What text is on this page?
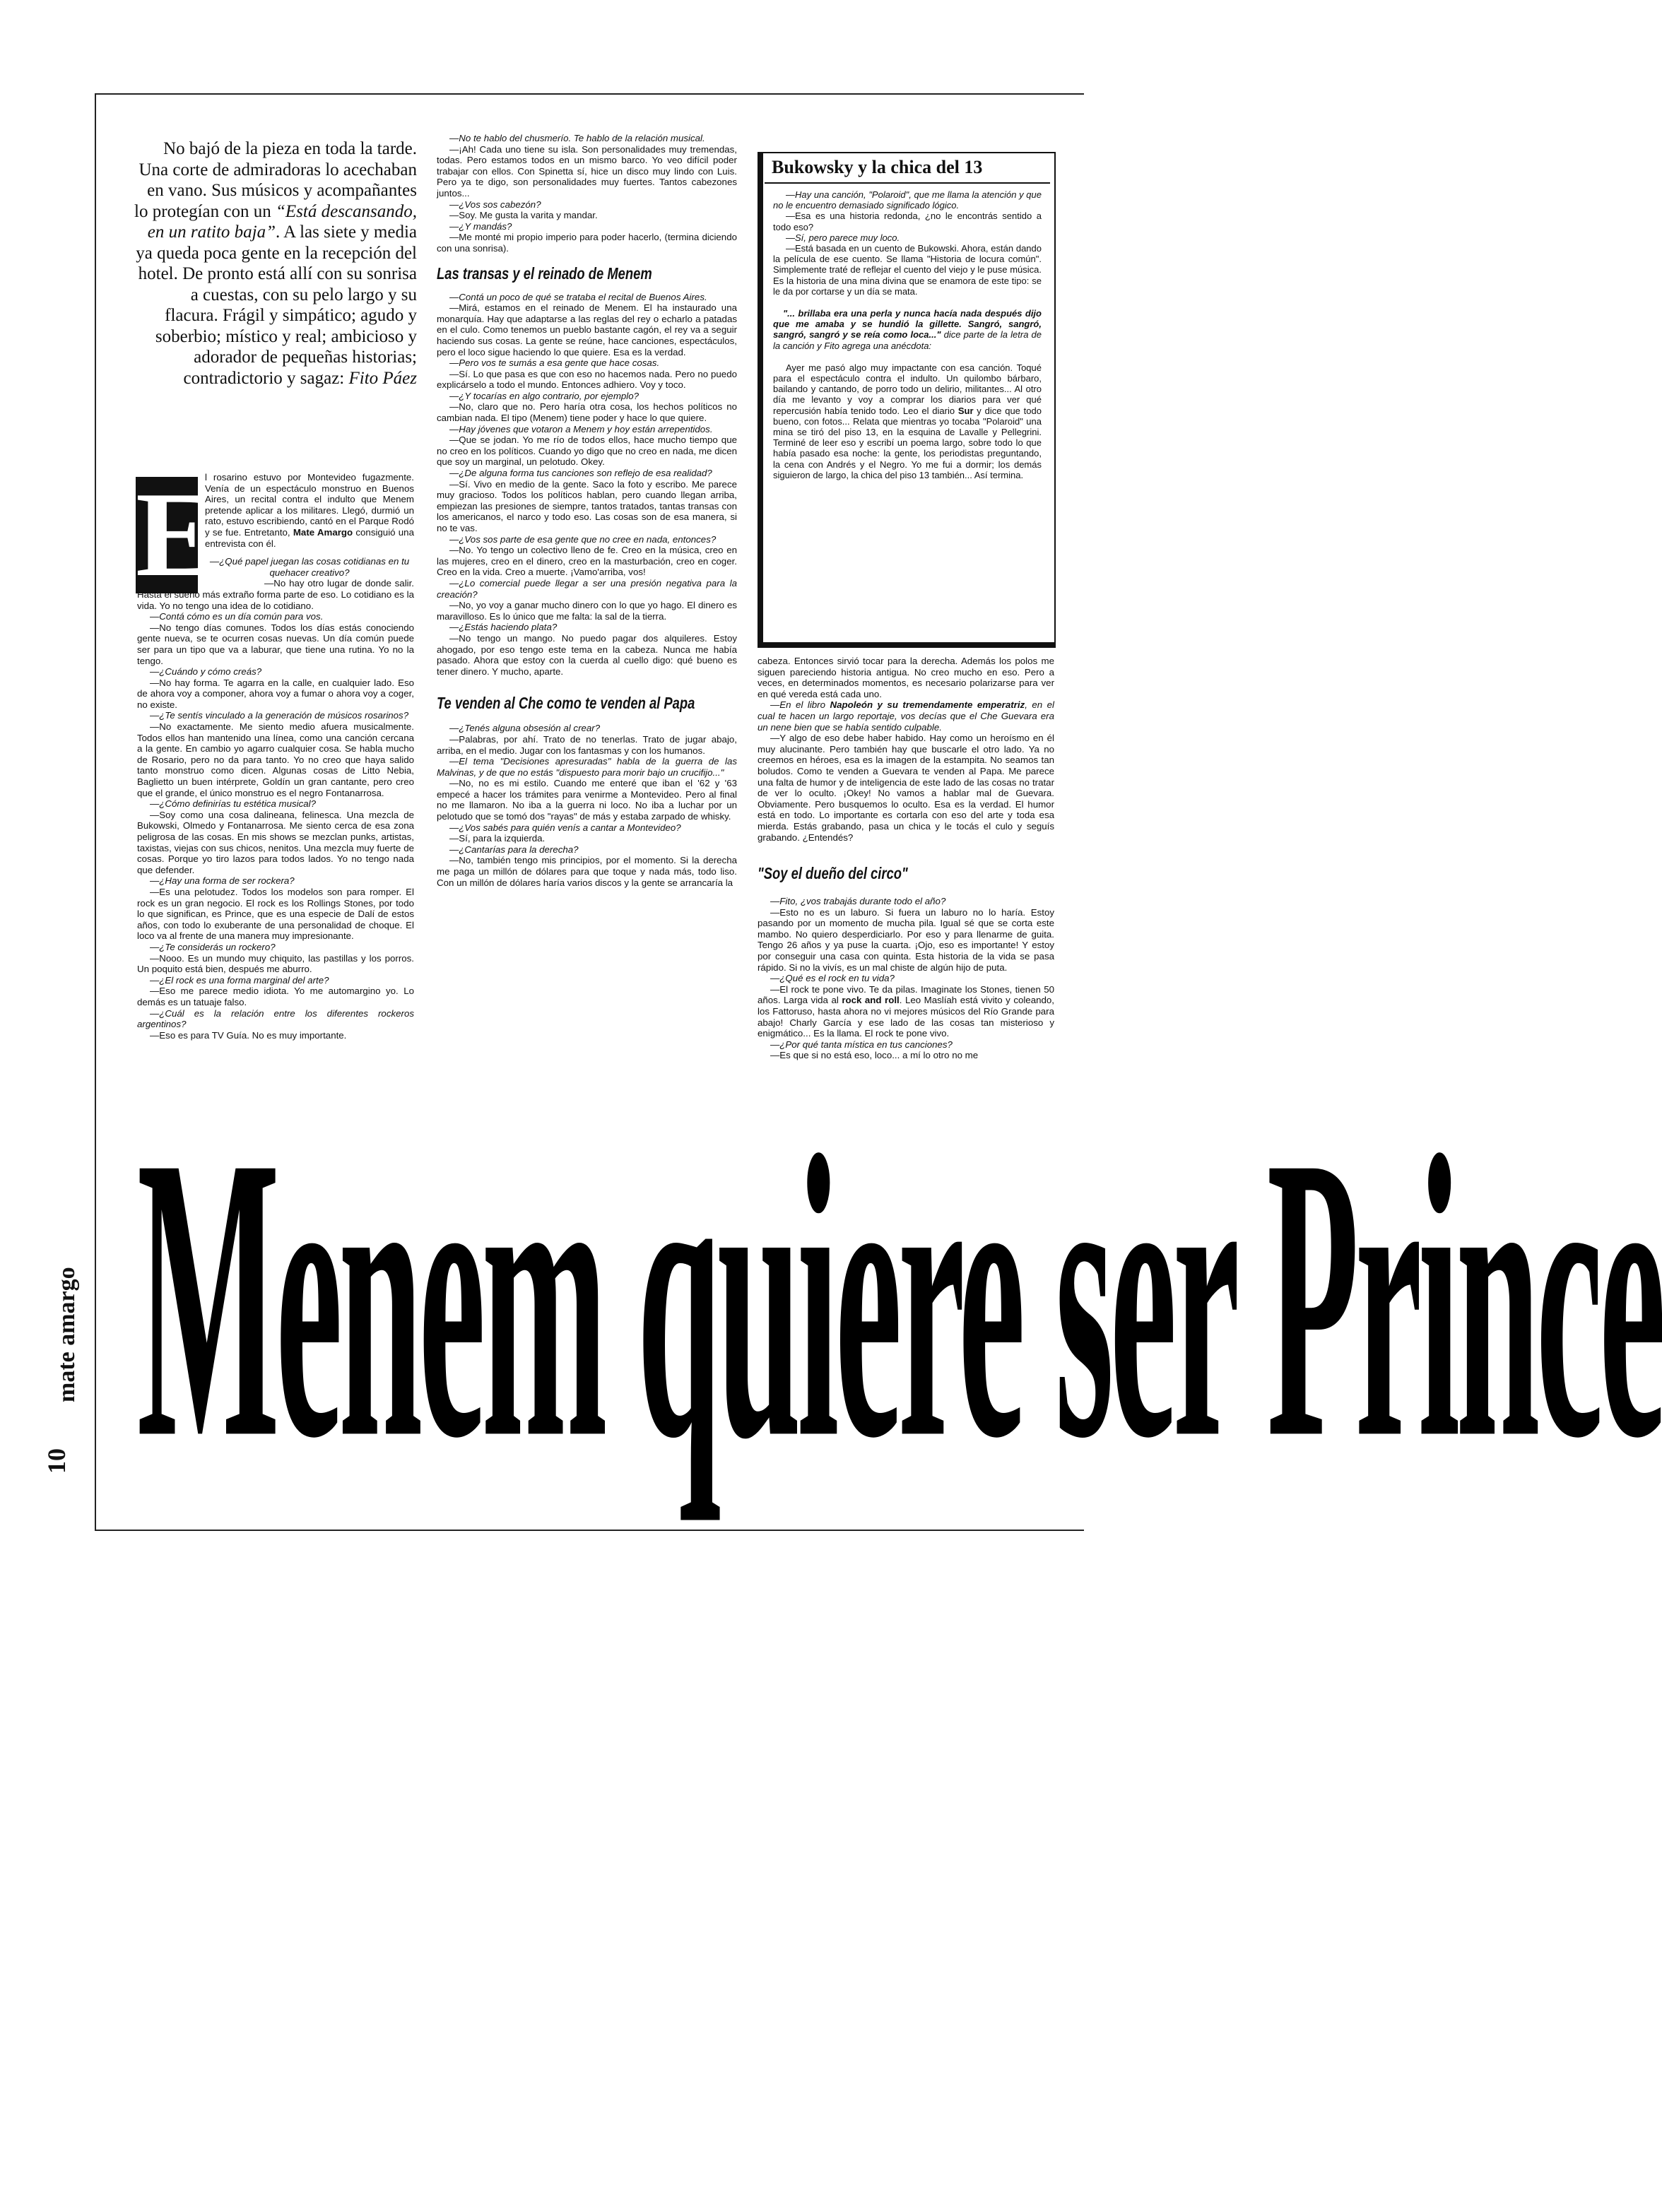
No bajó de la pieza en toda la tarde. Una corte de admiradoras lo acechaban en vano. Sus músicos y acompañantes lo protegían con un “Está descansando, en un ratito baja”. A las siete y media ya queda poca gente en la recepción del hotel. De pronto está allí con su sonrisa a cuestas, con su pelo largo y su flacura. Frágil y simpático; agudo y soberbio; místico y real; ambicioso y adorador de pequeñas historias; contradictorio y sagaz: Fito Páez
E

l rosarino estuvo por Montevideo fugazmente. Venía de un espectáculo monstruo en Buenos Aires, un recital contra el indulto que Menem pretende aplicar a los militares. Llegó, durmió un rato, estuvo escribiendo, cantó en el Parque Rodó y se fue. Entretanto, Mate Amargo consiguió una entrevista con él.

—¿Qué papel juegan las cosas cotidianas en tu quehacer creativo?

—No hay otro lugar de donde salir. Hasta el sueño más extraño forma parte de eso. Lo cotidiano es la vida. Yo no tengo una idea de lo cotidiano.

—Contá cómo es un día común para vos.

—No tengo días comunes. Todos los días estás conociendo gente nueva, se te ocurren cosas nuevas. Un día común puede ser para un tipo que va a laburar, que tiene una rutina. Yo no la tengo.

—¿Cuándo y cómo creás?

—No hay forma. Te agarra en la calle, en cualquier lado. Eso de ahora voy a componer, ahora voy a fumar o ahora voy a coger, no existe.

—¿Te sentís vinculado a la generación de músicos rosarinos?

—No exactamente. Me siento medio afuera musicalmente. Todos ellos han mantenido una línea, como una canción cercana a la gente. En cambio yo agarro cualquier cosa. Se habla mucho de Rosario, pero no da para tanto. Yo no creo que haya salido tanto monstruo como dicen. Algunas cosas de Litto Nebia, Baglietto un buen intérprete, Goldín un gran cantante, pero creo que el grande, el único monstruo es el negro Fontanarrosa.

—¿Cómo definirías tu estética musical?

—Soy como una cosa dalineana, felinesca. Una mezcla de Bukowski, Olmedo y Fontanarrosa. Me siento cerca de esa zona peligrosa de las cosas. En mis shows se mezclan punks, artistas, taxistas, viejas con sus chicos, nenitos. Una mezcla muy fuerte de cosas. Porque yo tiro lazos para todos lados. Yo no tengo nada que defender.

—¿Hay una forma de ser rockera?

—Es una pelotudez. Todos los modelos son para romper. El rock es un gran negocio. El rock es los Rollings Stones, por todo lo que significan, es Prince, que es una especie de Dalí de estos años, con todo lo exuberante de una personalidad de choque. El loco va al frente de una manera muy impresionante.

—¿Te considerás un rockero?

—Nooo. Es un mundo muy chiquito, las pastillas y los porros. Un poquito está bien, después me aburro.

—¿El rock es una forma marginal del arte?

—Eso me parece medio idiota. Yo me automargino yo. Lo demás es un tatuaje falso.

—¿Cuál es la relación entre los diferentes rockeros argentinos?

—Eso es para TV Guía. No es muy importante.

—No te hablo del chusmerío. Te hablo de la relación musical.

—¡Ah! Cada uno tiene su isla. Son personalidades muy tremendas, todas. Pero estamos todos en un mismo barco. Yo veo difícil poder trabajar con ellos. Con Spinetta sí, hice un disco muy lindo con Luis. Pero ya te digo, son personalidades muy fuertes. Tantos cabezones juntos...

—¿Vos sos cabezón?

—Soy. Me gusta la varita y mandar.

—¿Y mandás?

—Me monté mi propio imperio para poder hacerlo, (termina diciendo con una sonrisa).

Las transas y el reinado de Menem

—Contá un poco de qué se trataba el recital de Buenos Aires.

—Mirá, estamos en el reinado de Menem. El ha instaurado una monarquía. Hay que adaptarse a las reglas del rey o echarlo a patadas en el culo. Como tenemos un pueblo bastante cagón, el rey va a seguir haciendo sus cosas. La gente se reúne, hace canciones, espectáculos, pero el loco sigue haciendo lo que quiere. Esa es la verdad.

—Pero vos te sumás a esa gente que hace cosas.

—Sí. Lo que pasa es que con eso no hacemos nada. Pero no puedo explicárselo a todo el mundo. Entonces adhiero. Voy y toco.

—¿Y tocarías en algo contrario, por ejemplo?

—No, claro que no. Pero haría otra cosa, los hechos políticos no cambian nada. El tipo (Menem) tiene poder y hace lo que quiere.

—Hay jóvenes que votaron a Menem y hoy están arrepentidos.

—Que se jodan. Yo me río de todos ellos, hace mucho tiempo que no creo en los políticos. Cuando yo digo que no creo en nada, me dicen que soy un marginal, un pelotudo. Okey.

—¿De alguna forma tus canciones son reflejo de esa realidad?

—Sí. Vivo en medio de la gente. Saco la foto y escribo. Me parece muy gracioso. Todos los políticos hablan, pero cuando llegan arriba, empiezan las presiones de siempre, tantos tratados, tantas transas con los americanos, el narco y todo eso. Las cosas son de esa manera, si no te vas.

—¿Vos sos parte de esa gente que no cree en nada, entonces?

—No. Yo tengo un colectivo lleno de fe. Creo en la música, creo en las mujeres, creo en el dinero, creo en la masturbación, creo en coger. Creo en la vida. Creo a muerte. ¡Vamo'arriba, vos!

—¿Lo comercial puede llegar a ser una presión negativa para la creación?

—No, yo voy a ganar mucho dinero con lo que yo hago. El dinero es maravilloso. Es lo único que me falta: la sal de la tierra.

—¿Estás haciendo plata?

—No tengo un mango. No puedo pagar dos alquileres. Estoy ahogado, por eso tengo este tema en la cabeza. Nunca me había pasado. Ahora que estoy con la cuerda al cuello digo: qué bueno es tener dinero. Y mucho, aparte.

Te venden al Che como te venden al Papa

—¿Tenés alguna obsesión al crear?

—Palabras, por ahí. Trato de no tenerlas. Trato de jugar abajo, arriba, en el medio. Jugar con los fantasmas y con los humanos.

—El tema "Decisiones apresuradas" habla de la guerra de las Malvinas, y de que no estás "dispuesto para morir bajo un crucifijo..."

—No, no es mi estilo. Cuando me enteré que iban el '62 y '63 empecé a hacer los trámites para venirme a Montevideo. Pero al final no me llamaron. No iba a la guerra ni loco. No iba a luchar por un pelotudo que se tomó dos "rayas" de más y estaba zarpado de whisky.

—¿Vos sabés para quién venís a cantar a Montevideo?

—Sí, para la izquierda.

—¿Cantarías para la derecha?

—No, también tengo mis principios, por el momento. Si la derecha me paga un millón de dólares para que toque y nada más, todo liso. Con un millón de dólares haría varios discos y la gente se arrancaría la

Bukowsky y la chica del 13

—Hay una canción, "Polaroid", que me llama la atención y que no le encuentro demasiado significado lógico.

—Esa es una historia redonda, ¿no le encontrás sentido a todo eso?

—Sí, pero parece muy loco.

—Está basada en un cuento de Bukowski. Ahora, están dando la película de ese cuento. Se llama "Historia de locura común". Simplemente traté de reflejar el cuento del viejo y le puse música. Es la historia de una mina divina que se enamora de este tipo: se le da por cortarse y un día se mata.

"... brillaba era una perla y nunca hacía nada después dijo que me amaba y se hundió la gillette. Sangró, sangró, sangró, sangró y se reía como loca..." dice parte de la letra de la canción y Fito agrega una anécdota:

Ayer me pasó algo muy impactante con esa canción. Toqué para el espectáculo contra el indulto. Un quilombo bárbaro, bailando y cantando, de porro todo un delirio, militantes... Al otro día me levanto y voy a comprar los diarios para ver qué repercusión había tenido todo. Leo el diario Sur y dice que todo bueno, con fotos... Relata que mientras yo tocaba "Polaroid" una mina se tiró del piso 13, en la esquina de Lavalle y Pellegrini. Terminé de leer eso y escribí un poema largo, sobre todo lo que había pasado esa noche: la gente, los periodistas preguntando, la cena con Andrés y el Negro. Yo me fui a dormir; los demás siguieron de largo, la chica del piso 13 también... Así termina.

cabeza. Entonces sirvió tocar para la derecha. Además los polos me siguen pareciendo historia antigua. No creo mucho en eso. Pero a veces, en determinados momentos, es necesario polarizarse para ver en qué vereda está cada uno.

—En el libro Napoleón y su tremendamente emperatriz, en el cual te hacen un largo reportaje, vos decías que el Che Guevara era un nene bien que se había sentido culpable.

—Y algo de eso debe haber habido. Hay como un heroísmo en él muy alucinante. Pero también hay que buscarle el otro lado. Ya no creemos en héroes, esa es la imagen de la estampita. No seamos tan boludos. Como te venden a Guevara te venden al Papa. Me parece una falta de humor y de inteligencia de este lado de las cosas no tratar de ver lo oculto. ¡Okey! No vamos a hablar mal de Guevara. Obviamente. Pero busquemos lo oculto. Esa es la verdad. El humor está en todo. Lo importante es cortarla con eso del arte y toda esa mierda. Estás grabando, pasa un chica y le tocás el culo y seguís grabando. ¿Entendés?

"Soy el dueño del circo"

—Fito, ¿vos trabajás durante todo el año?

—Esto no es un laburo. Si fuera un laburo no lo haría. Estoy pasando por un momento de mucha pila. Igual sé que se corta este mambo. No quiero desperdiciarlo. Por eso y para llenarme de guita. Tengo 26 años y ya puse la cuarta. ¡Ojo, eso es importante! Y estoy por conseguir una casa con quinta. Esta historia de la vida se pasa rápido. Si no la vivís, es un mal chiste de algún hijo de puta.

—¿Qué es el rock en tu vida?

—El rock te pone vivo. Te da pilas. Imaginate los Stones, tienen 50 años. Larga vida al rock and roll. Leo Maslíah está vivito y coleando, los Fattoruso, hasta ahora no vi mejores músicos del Río Grande para abajo! Charly García y ese lado de las cosas tan misterioso y enigmático... Es la llama. El rock te pone vivo.

—¿Por qué tanta mística en tus canciones?

—Es que si no está eso, loco... a mí lo otro no me

Menem quiere ser Prince
10
mate amargo
